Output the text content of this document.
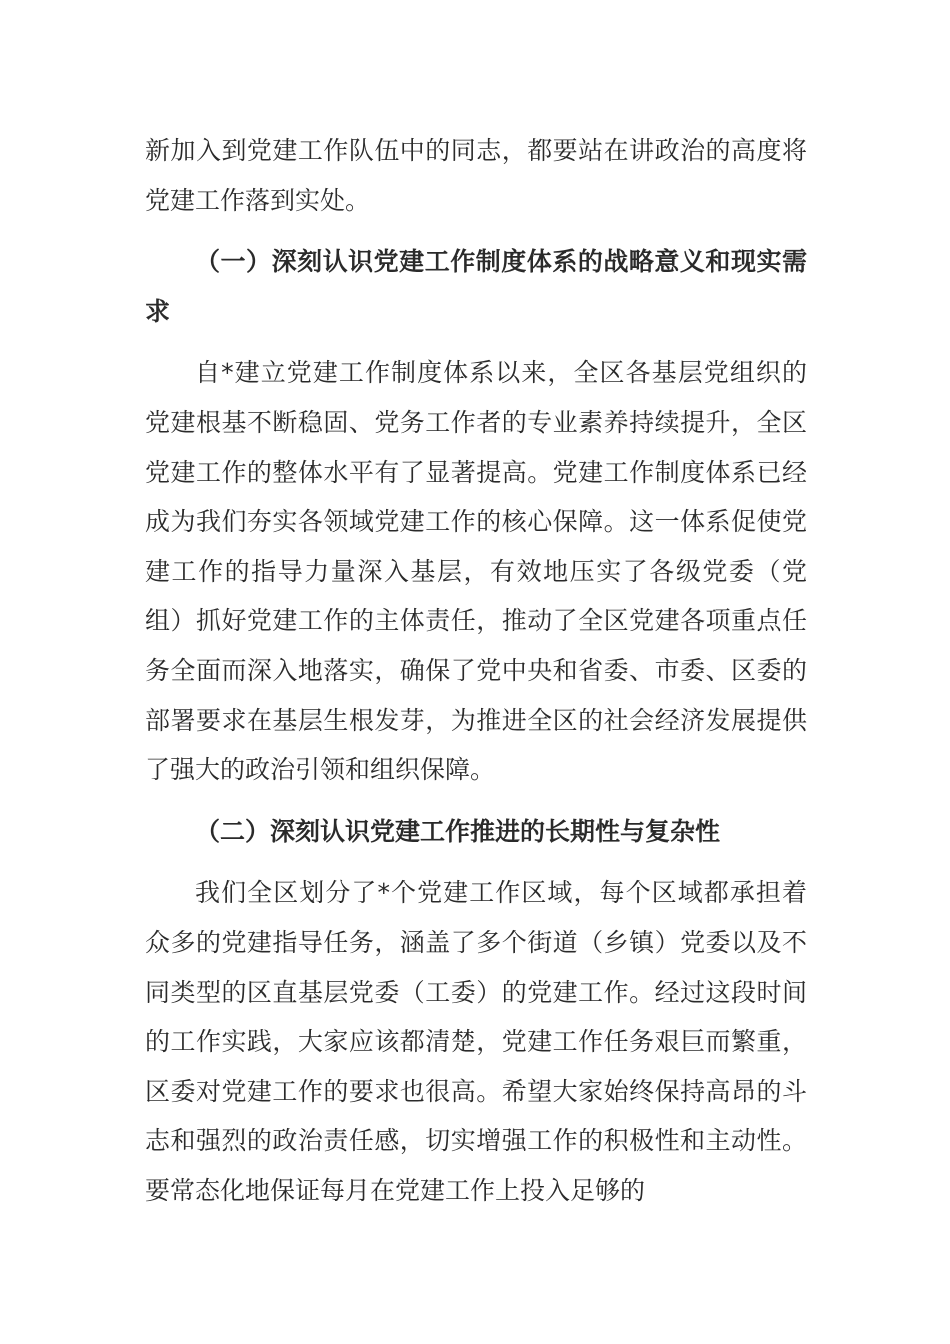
新加入到党建工作队伍中的同志，都要站在讲政治的高度将党建工作落到实处。

（一）深刻认识党建工作制度体系的战略意义和现实需求

自*建立党建工作制度体系以来，全区各基层党组织的党建根基不断稳固、党务工作者的专业素养持续提升，全区党建工作的整体水平有了显著提高。党建工作制度体系已经成为我们夯实各领域党建工作的核心保障。这一体系促使党建工作的指导力量深入基层，有效地压实了各级党委（党组）抓好党建工作的主体责任，推动了全区党建各项重点任务全面而深入地落实，确保了党中央和省委、市委、区委的部署要求在基层生根发芽，为推进全区的社会经济发展提供了强大的政治引领和组织保障。

（二）深刻认识党建工作推进的长期性与复杂性

我们全区划分了*个党建工作区域，每个区域都承担着众多的党建指导任务，涵盖了多个街道（乡镇）党委以及不同类型的区直基层党委（工委）的党建工作。经过这段时间的工作实践，大家应该都清楚，党建工作任务艰巨而繁重，区委对党建工作的要求也很高。希望大家始终保持高昂的斗志和强烈的政治责任感，切实增强工作的积极性和主动性。要常态化地保证每月在党建工作上投入足够的
